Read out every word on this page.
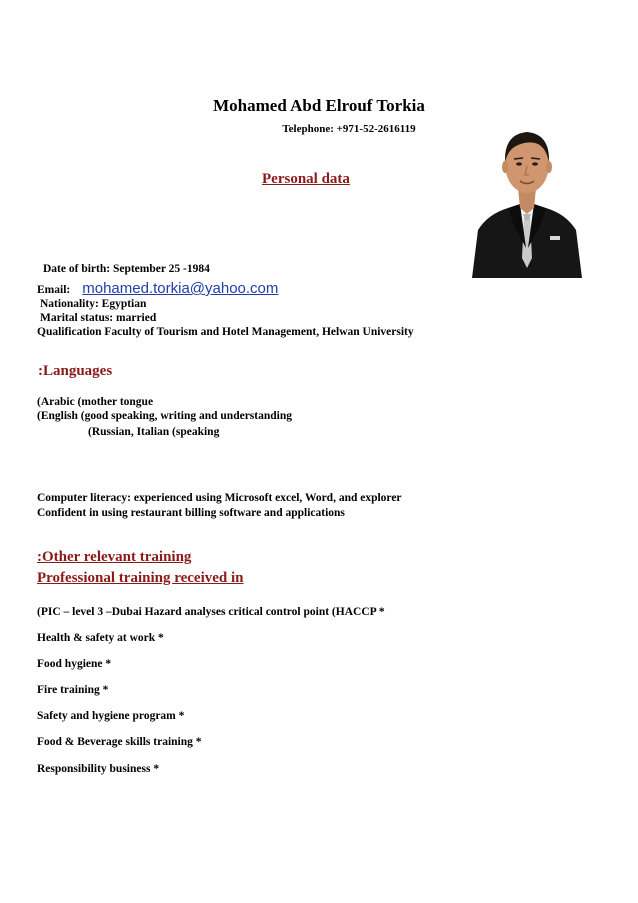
Mohamed Abd Elrouf Torkia
Telephone: +971-52-2616119
Personal data
Date of birth: September 25 -1984
Email: mohamed.torkia@yahoo.com
Nationality: Egyptian
Marital status: married
Qualification Faculty of Tourism and Hotel Management, Helwan University
:Languages
(Arabic (mother tongue
(English (good speaking, writing and understanding
(Russian, Italian (speaking
Computer literacy: experienced using Microsoft excel, Word, and explorer
Confident in using restaurant billing software and applications
:Other relevant training
Professional training received in
(PIC – level 3 –Dubai Hazard analyses critical control point (HACCP *
Health & safety at work *
Food hygiene *
Fire training *
Safety and hygiene program *
Food & Beverage skills training *
Responsibility business *
